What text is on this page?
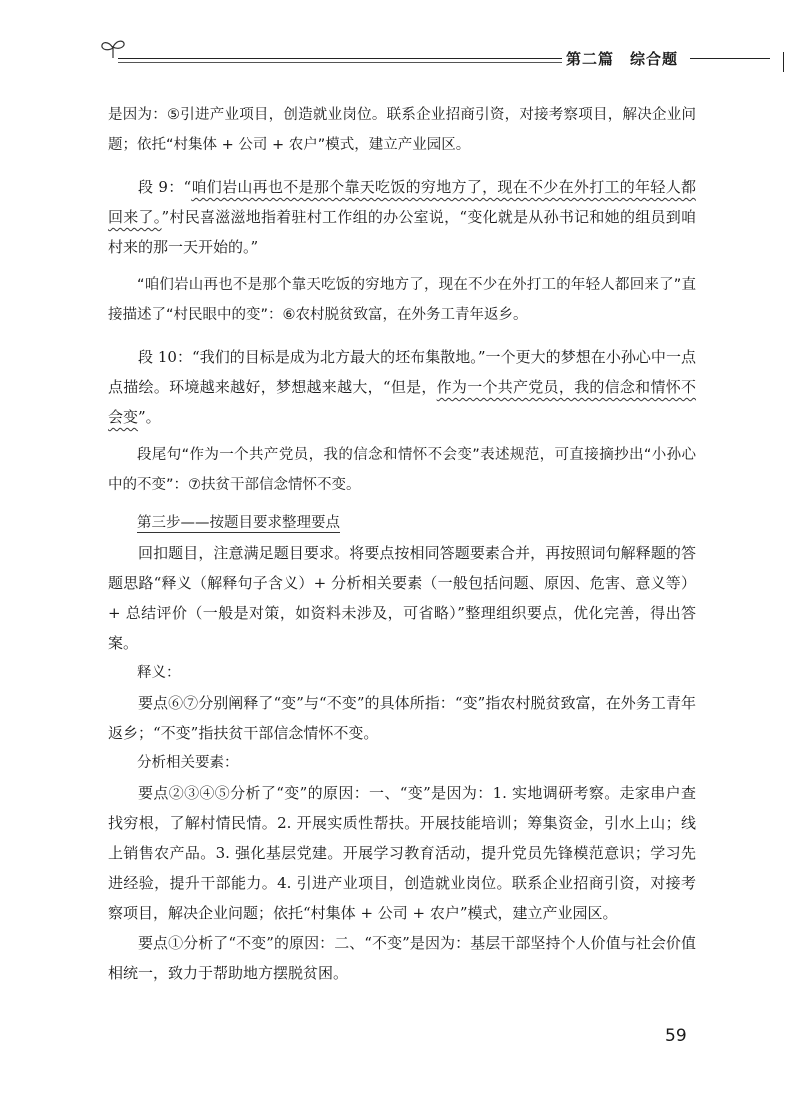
第二篇　综合题

是因为：⑤引进产业项目，创造就业岗位。联系企业招商引资，对接考察项目，解决企业问题；依托“村集体 + 公司 + 农户”模式，建立产业园区。

段 9：“咱们岩山再也不是那个靠天吃饭的穷地方了，现在不少在外打工的年轻人都回来了。”村民喜滋滋地指着驻村工作组的办公室说，“变化就是从孙书记和她的组员到咱村来的那一天开始的。”

“咱们岩山再也不是那个靠天吃饭的穷地方了，现在不少在外打工的年轻人都回来了”直接描述了“村民眼中的变”：⑥农村脱贫致富，在外务工青年返乡。

段 10：“我们的目标是成为北方最大的坯布集散地。”一个更大的梦想在小孙心中一点点描绘。环境越来越好，梦想越来越大，“但是，作为一个共产党员，我的信念和情怀不会变”。

段尾句“作为一个共产党员，我的信念和情怀不会变”表述规范，可直接摘抄出“小孙心中的不变”：⑦扶贫干部信念情怀不变。

第三步——按题目要求整理要点

回扣题目，注意满足题目要求。将要点按相同答题要素合并，再按照词句解释题的答题思路“释义（解释句子含义）+ 分析相关要素（一般包括问题、原因、危害、意义等）+ 总结评价（一般是对策，如资料未涉及，可省略）”整理组织要点，优化完善，得出答案。

释义：

要点⑥⑦分别阐释了“变”与“不变”的具体所指：“变”指农村脱贫致富，在外务工青年返乡；“不变”指扶贫干部信念情怀不变。

分析相关要素：

要点②③④⑤分析了“变”的原因：一、“变”是因为：1. 实地调研考察。走家串户查找穷根，了解村情民情。2. 开展实质性帮扶。开展技能培训；筹集资金，引水上山；线上销售农产品。3. 强化基层党建。开展学习教育活动，提升党员先锋模范意识；学习先进经验，提升干部能力。4. 引进产业项目，创造就业岗位。联系企业招商引资，对接考察项目，解决企业问题；依托“村集体 + 公司 + 农户”模式，建立产业园区。

要点①分析了“不变”的原因：二、“不变”是因为：基层干部坚持个人价值与社会价值相统一，致力于帮助地方摆脱贫困。

59
